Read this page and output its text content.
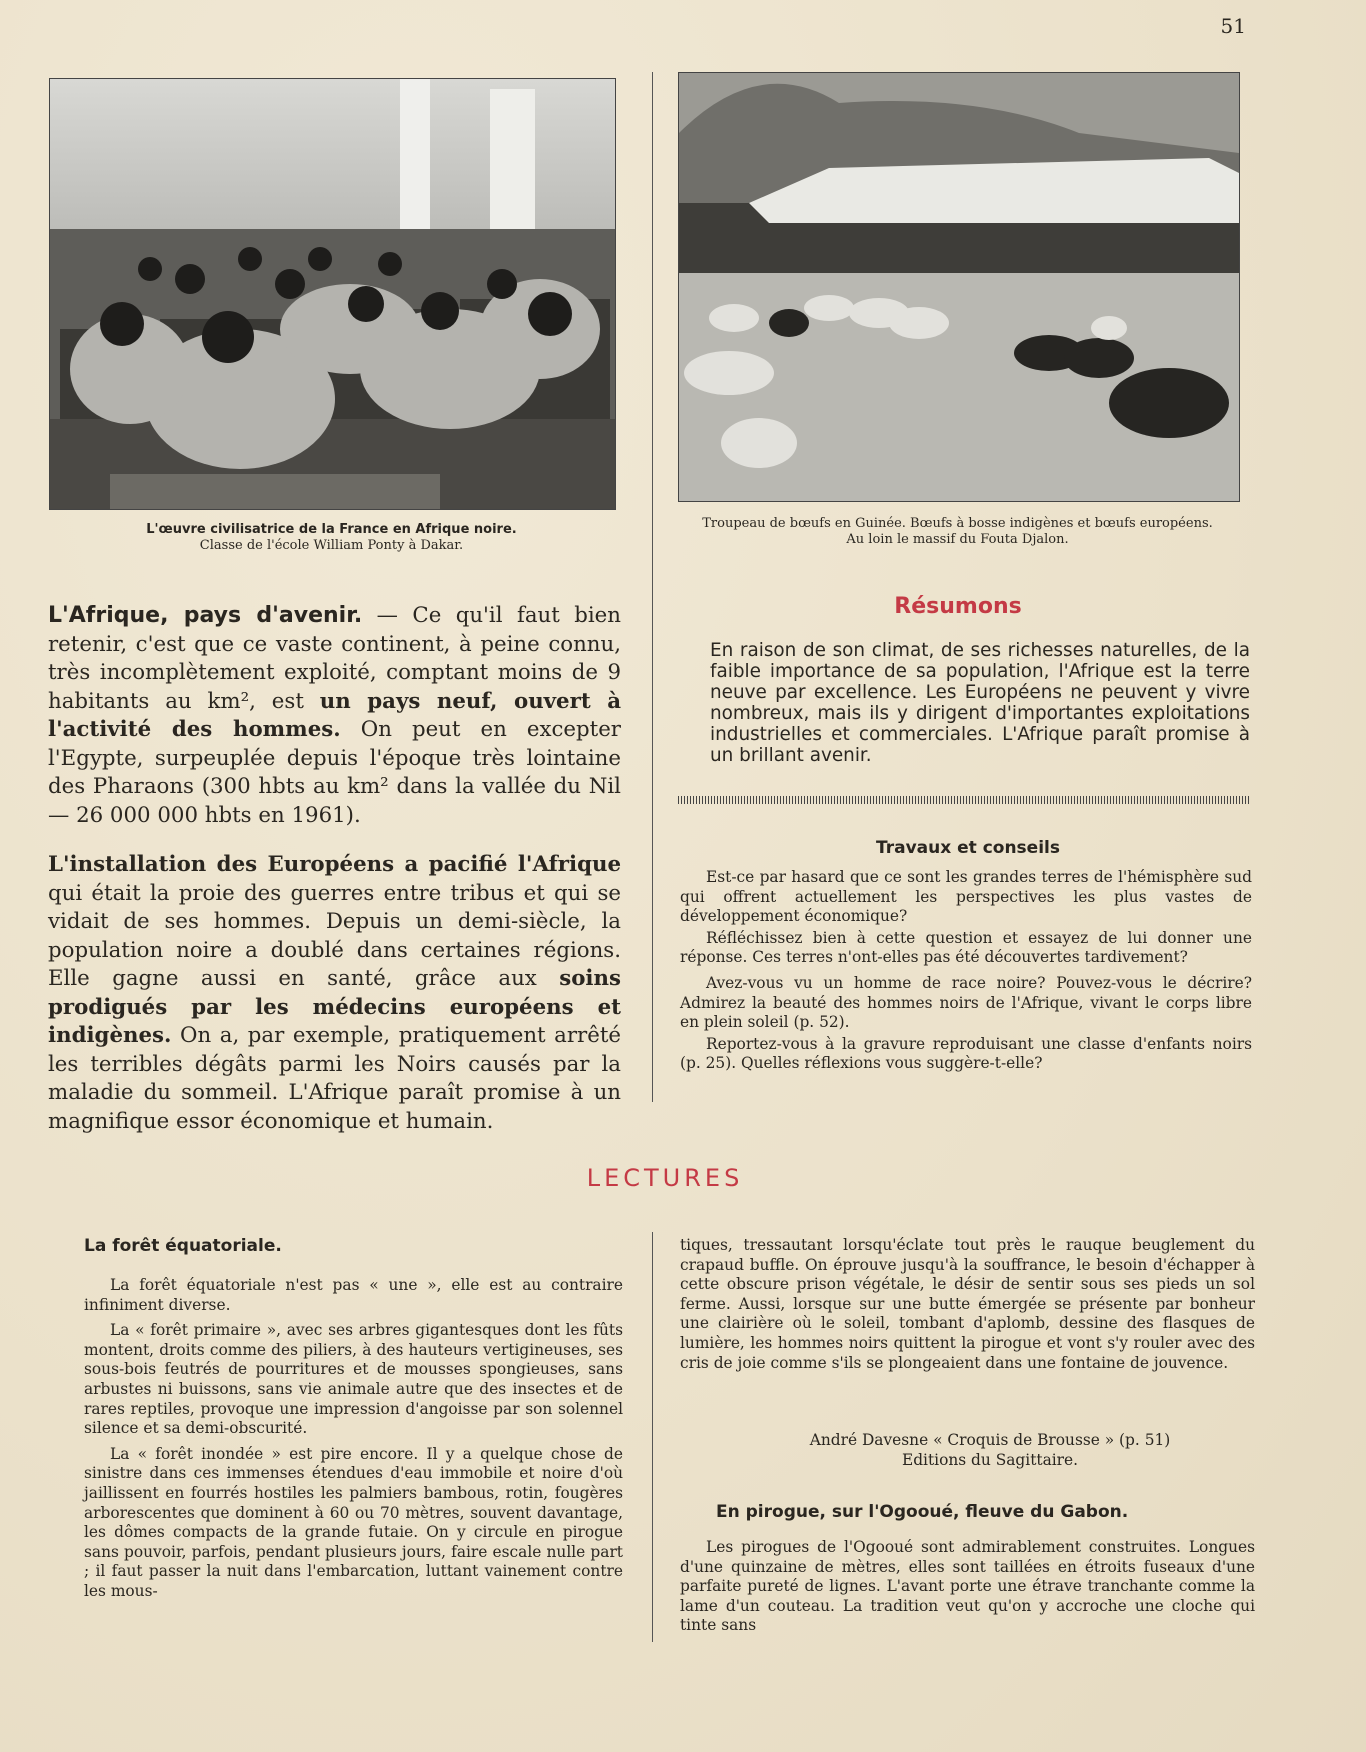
51
L'œuvre civilisatrice de la France en Afrique noire.
Classe de l'école William Ponty à Dakar.
Troupeau de bœufs en Guinée. Bœufs à bosse indigènes et bœufs européens.
Au loin le massif du Fouta Djalon.

L'Afrique, pays d'avenir. — Ce qu'il faut bien retenir, c'est que ce vaste continent, à peine connu, très incomplètement exploité, comptant moins de 9 habitants au km², est un pays neuf, ouvert à l'activité des hommes. On peut en excepter l'Egypte, surpeuplée depuis l'époque très lointaine des Pharaons (300 hbts au km² dans la vallée du Nil — 26 000 000 hbts en 1961).

L'installation des Européens a pacifié l'Afrique qui était la proie des guerres entre tribus et qui se vidait de ses hommes. Depuis un demi-siècle, la population noire a doublé dans certaines régions. Elle gagne aussi en santé, grâce aux soins prodigués par les médecins européens et indigènes. On a, par exemple, pratiquement arrêté les terribles dégâts parmi les Noirs causés par la maladie du sommeil. L'Afrique paraît promise à un magnifique essor économique et humain.

Résumons
En raison de son climat, de ses richesses naturelles, de la faible importance de sa population, l'Afrique est la terre neuve par excellence. Les Européens ne peuvent y vivre nombreux, mais ils y dirigent d'importantes exploitations industrielles et commerciales. L'Afrique paraît promise à un brillant avenir.
Travaux et conseils

Est-ce par hasard que ce sont les grandes terres de l'hémisphère sud qui offrent actuellement les perspectives les plus vastes de développement économique?

Réfléchissez bien à cette question et essayez de lui donner une réponse. Ces terres n'ont-elles pas été découvertes tardivement?

Avez-vous vu un homme de race noire? Pouvez-vous le décrire? Admirez la beauté des hommes noirs de l'Afrique, vivant le corps libre en plein soleil (p. 52).

Reportez-vous à la gravure reproduisant une classe d'enfants noirs (p. 25). Quelles réflexions vous suggère-t-elle?

LECTURES
La forêt équatoriale.

La forêt équatoriale n'est pas « une », elle est au contraire infiniment diverse.

La « forêt primaire », avec ses arbres gigantesques dont les fûts montent, droits comme des piliers, à des hauteurs vertigineuses, ses sous-bois feutrés de pourritures et de mousses spongieuses, sans arbustes ni buissons, sans vie animale autre que des insectes et de rares reptiles, provoque une impression d'angoisse par son solennel silence et sa demi-obscurité.

La « forêt inondée » est pire encore. Il y a quelque chose de sinistre dans ces immenses étendues d'eau immobile et noire d'où jaillissent en fourrés hostiles les palmiers bambous, rotin, fougères arborescentes que dominent à 60 ou 70 mètres, souvent davantage, les dômes compacts de la grande futaie. On y circule en pirogue sans pouvoir, parfois, pendant plusieurs jours, faire escale nulle part ; il faut passer la nuit dans l'embarcation, luttant vainement contre les mous-

tiques, tressautant lorsqu'éclate tout près le rauque beuglement du crapaud buffle. On éprouve jusqu'à la souffrance, le besoin d'échapper à cette obscure prison végétale, le désir de sentir sous ses pieds un sol ferme. Aussi, lorsque sur une butte émergée se présente par bonheur une clairière où le soleil, tombant d'aplomb, dessine des flasques de lumière, les hommes noirs quittent la pirogue et vont s'y rouler avec des cris de joie comme s'ils se plongeaient dans une fontaine de jouvence.

André Davesne « Croquis de Brousse » (p. 51)
Editions du Sagittaire.
En pirogue, sur l'Ogooué, fleuve du Gabon.

Les pirogues de l'Ogooué sont admirablement construites. Longues d'une quinzaine de mètres, elles sont taillées en étroits fuseaux d'une parfaite pureté de lignes. L'avant porte une étrave tranchante comme la lame d'un couteau. La tradition veut qu'on y accroche une cloche qui tinte sans
